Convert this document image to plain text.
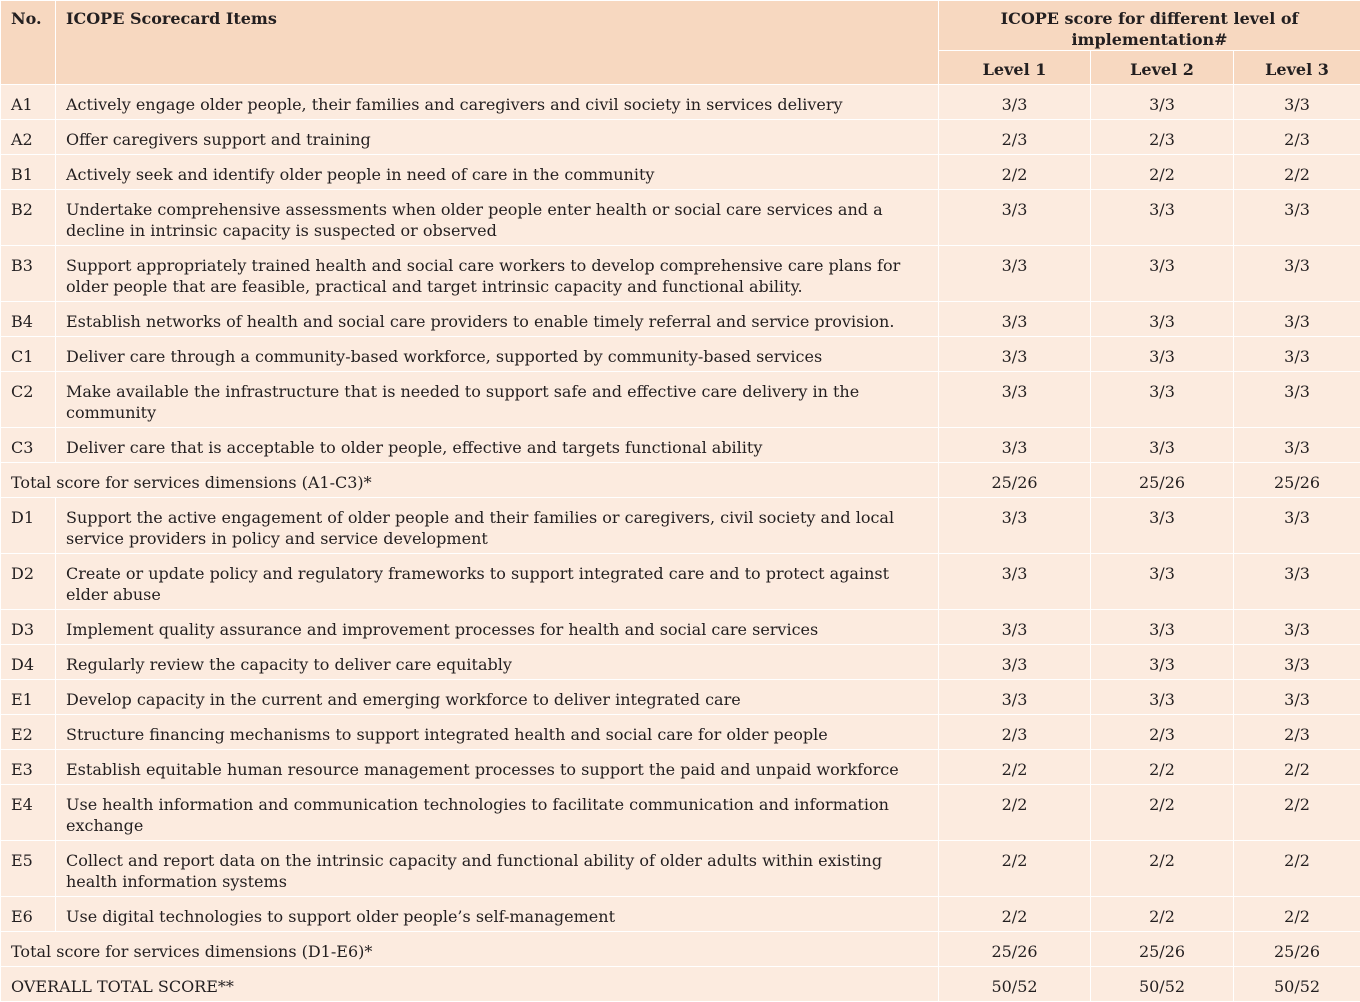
No.	ICOPE Scorecard Items	ICOPE score for different level of implementation#		
		Level 1	Level 2	Level 3
A1	Actively engage older people, their families and caregivers and civil society in services delivery	3/3	3/3	3/3
A2	Offer caregivers support and training	2/3	2/3	2/3
B1	Actively seek and identify older people in need of care in the community	2/2	2/2	2/2
B2	Undertake comprehensive assessments when older people enter health or social care services and a decline in intrinsic capacity is suspected or observed	3/3	3/3	3/3
B3	Support appropriately trained health and social care workers to develop comprehensive care plans for older people that are feasible, practical and target intrinsic capacity and functional ability.	3/3	3/3	3/3
B4	Establish networks of health and social care providers to enable timely referral and service provision.	3/3	3/3	3/3
C1	Deliver care through a community-based workforce, supported by community-based services	3/3	3/3	3/3
C2	Make available the infrastructure that is needed to support safe and effective care delivery in the community	3/3	3/3	3/3
C3	Deliver care that is acceptable to older people, effective and targets functional ability	3/3	3/3	3/3
Total score for services dimensions (A1-C3)*		25/26	25/26	25/26
D1	Support the active engagement of older people and their families or caregivers, civil society and local service providers in policy and service development	3/3	3/3	3/3
D2	Create or update policy and regulatory frameworks to support integrated care and to protect against elder abuse	3/3	3/3	3/3
D3	Implement quality assurance and improvement processes for health and social care services	3/3	3/3	3/3
D4	Regularly review the capacity to deliver care equitably	3/3	3/3	3/3
E1	Develop capacity in the current and emerging workforce to deliver integrated care	3/3	3/3	3/3
E2	Structure financing mechanisms to support integrated health and social care for older people	2/3	2/3	2/3
E3	Establish equitable human resource management processes to support the paid and unpaid workforce	2/2	2/2	2/2
E4	Use health information and communication technologies to facilitate communication and information exchange	2/2	2/2	2/2
E5	Collect and report data on the intrinsic capacity and functional ability of older adults within existing health information systems	2/2	2/2	2/2
E6	Use digital technologies to support older people’s self-management	2/2	2/2	2/2
Total score for services dimensions (D1-E6)*		25/26	25/26	25/26
OVERALL TOTAL SCORE**		50/52	50/52	50/52
